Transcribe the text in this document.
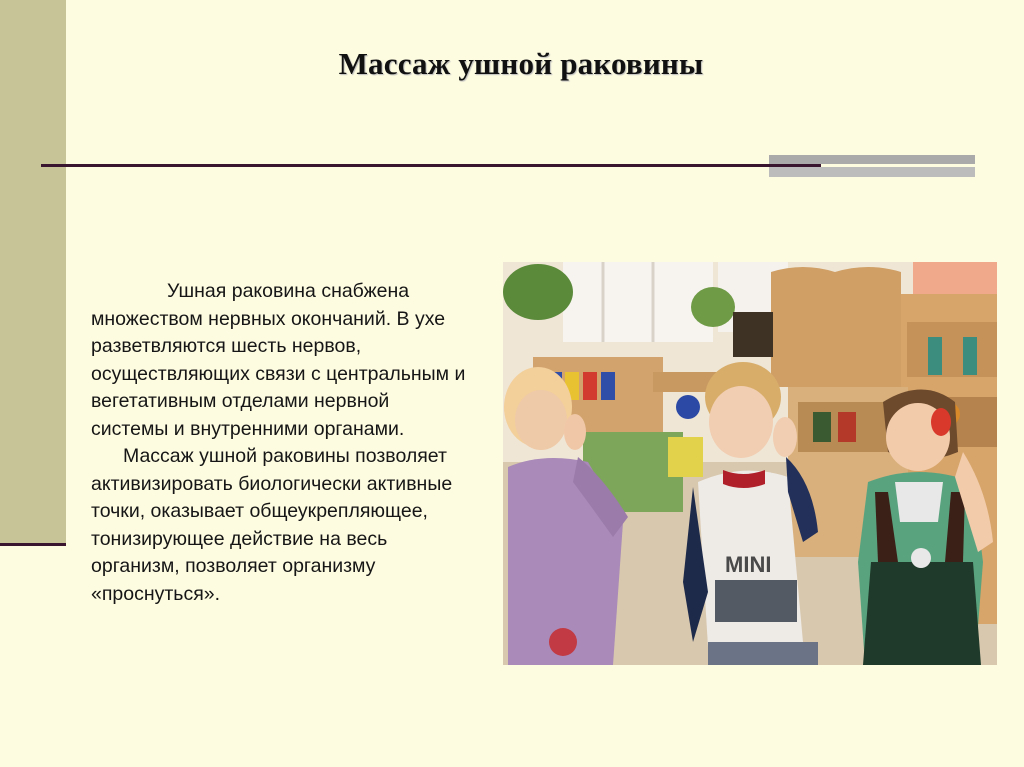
Массаж ушной раковины

Ушная раковина снабжена множеством нервных окончаний. В ухе разветвляются шесть нервов, осуществляющих связи с центральным и вегетативным отделами нервной системы и внутренними органами.

Массаж ушной раковины позволяет активизировать биологически активные точки, оказывает общеукрепляющее, тонизирующее действие на весь организм, позволяет организму «проснуться».

MINI
